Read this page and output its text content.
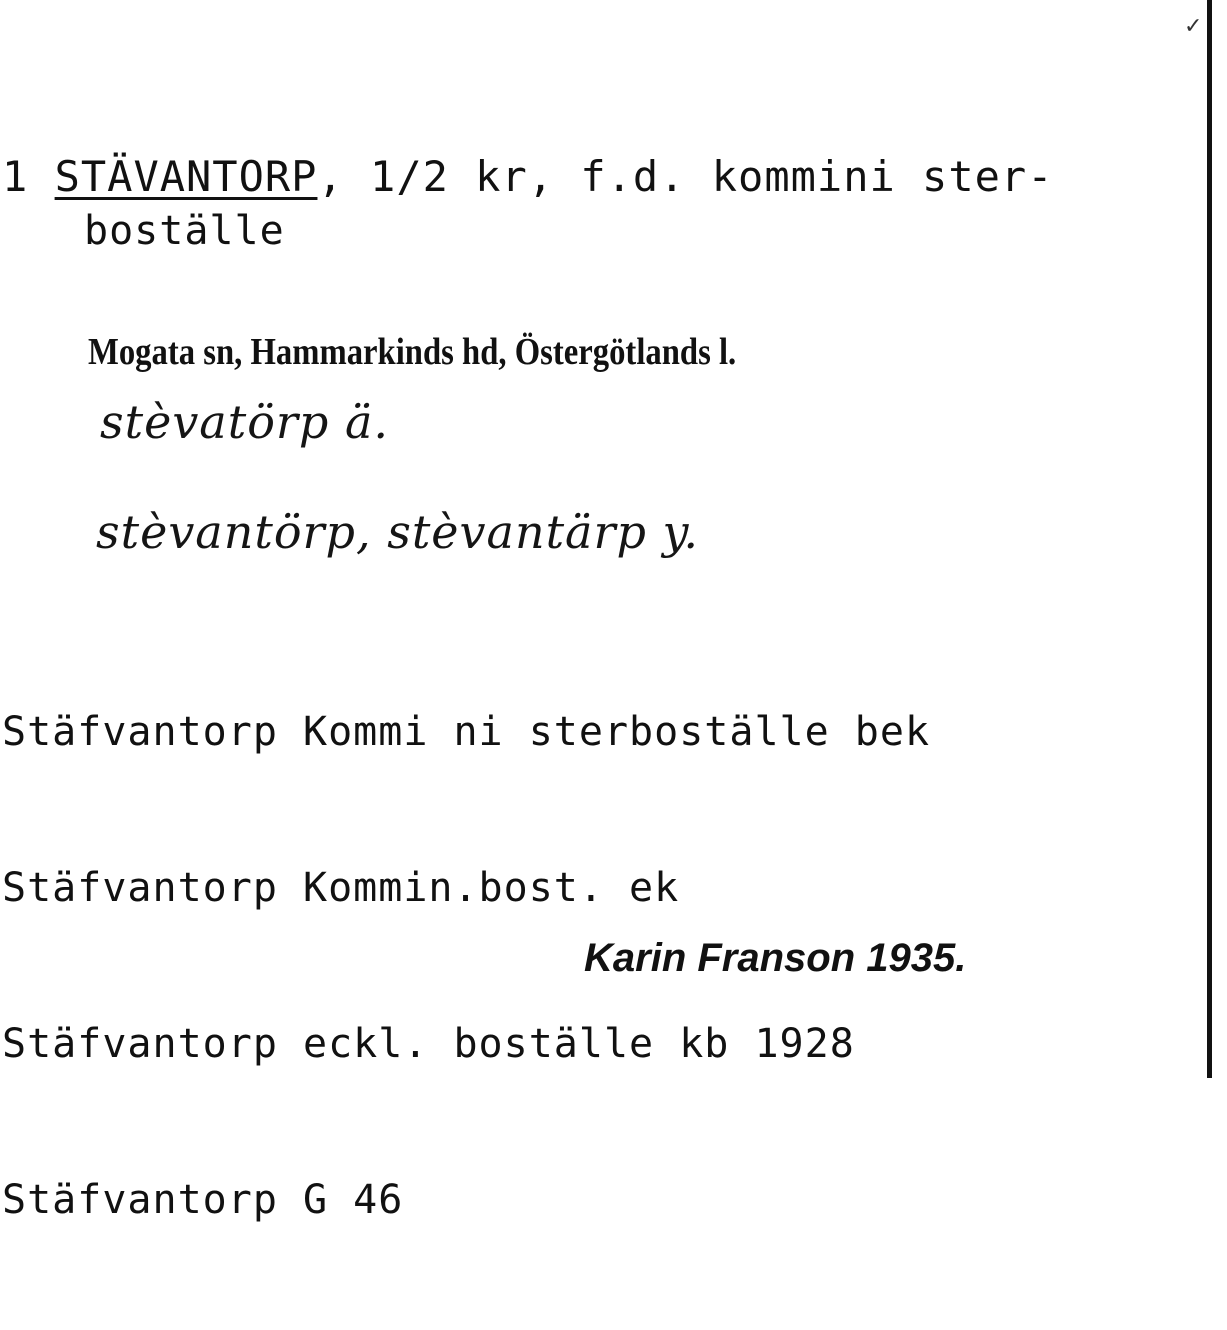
✓
1 STÄVANTORP, 1/2 kr, f.d. kommini ster-
boställe
Mogata sn, Hammarkinds hd, Östergötlands l.
stèvatörp ä.
stèvantörp, stèvantärp y.

Stäfvantorp Kommi ni sterboställe bek

Stäfvantorp Kommin.bost. ek

Stäfvantorp eckl. boställe kb 1928

Stäfvantorp G 46

Karin Franson 1935.
